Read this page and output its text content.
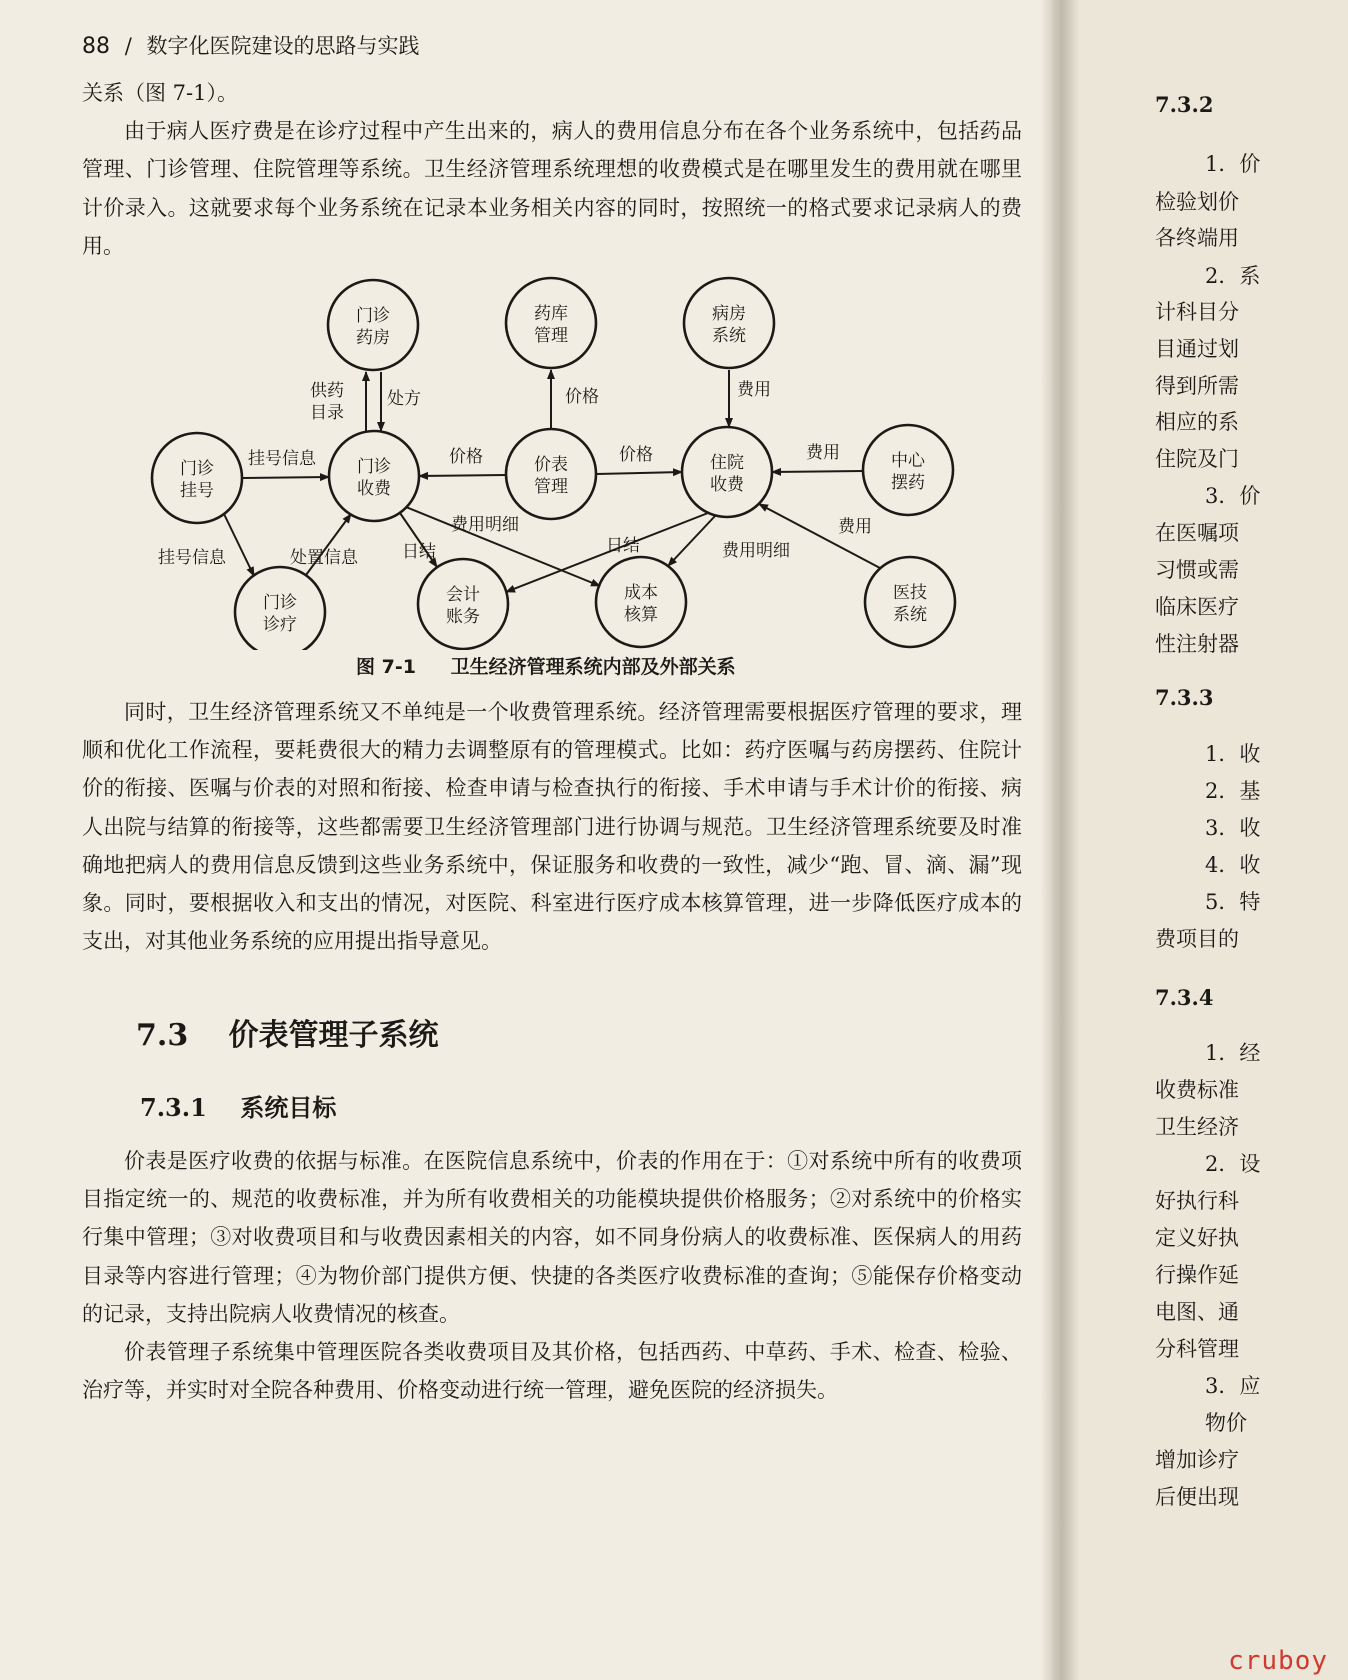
88 / 数字化医院建设的思路与实践

关系（图 7-1）。

由于病人医疗费是在诊疗过程中产生出来的，病人的费用信息分布在各个业务系统中，包括药品管理、门诊管理、住院管理等系统。卫生经济管理系统理想的收费模式是在哪里发生的费用就在哪里计价录入。这就要求每个业务系统在记录本业务相关内容的同时，按照统一的格式要求记录病人的费用。

门诊
药房
药库
管理
病房
系统
门诊
挂号
门诊
收费
价表
管理
住院
收费
中心
摆药
门诊
诊疗
会计
账务
成本
核算
医技
系统
供药
目录
处方	价格	费用
挂号信息	价格	价格	费用
费用明细	费用
挂号信息	处置信息	日结	日结	费用明细
图 7-1 卫生经济管理系统内部及外部关系

同时，卫生经济管理系统又不单纯是一个收费管理系统。经济管理需要根据医疗管理的要求，理顺和优化工作流程，要耗费很大的精力去调整原有的管理模式。比如：药疗医嘱与药房摆药、住院计价的衔接、医嘱与价表的对照和衔接、检查申请与检查执行的衔接、手术申请与手术计价的衔接、病人出院与结算的衔接等，这些都需要卫生经济管理部门进行协调与规范。卫生经济管理系统要及时准确地把病人的费用信息反馈到这些业务系统中，保证服务和收费的一致性，减少“跑、冒、滴、漏”现象。同时，要根据收入和支出的情况，对医院、科室进行医疗成本核算管理，进一步降低医疗成本的支出，对其他业务系统的应用提出指导意见。

7.3 价表管理子系统
7.3.1 系统目标

价表是医疗收费的依据与标准。在医院信息系统中，价表的作用在于：①对系统中所有的收费项目指定统一的、规范的收费标准，并为所有收费相关的功能模块提供价格服务；②对系统中的价格实行集中管理；③对收费项目和与收费因素相关的内容，如不同身份病人的收费标准、医保病人的用药目录等内容进行管理；④为物价部门提供方便、快捷的各类医疗收费标准的查询；⑤能保存价格变动的记录，支持出院病人收费情况的核查。

价表管理子系统集中管理医院各类收费项目及其价格，包括西药、中草药、手术、检查、检验、治疗等，并实时对全院各种费用、价格变动进行统一管理，避免医院的经济损失。

7.3.2
1．价
检验划价
各终端用
2．系
计科目分
目通过划
得到所需
相应的系
住院及门
3．价
在医嘱项
习惯或需
临床医疗
性注射器
7.3.3
1．收
2．基
3．收
4．收
5．特
费项目的
7.3.4
1．经
收费标准
卫生经济
2．设
好执行科
定义好执
行操作延
电图、通
分科管理
3．应
物价
增加诊疗
后便出现
cruboy
